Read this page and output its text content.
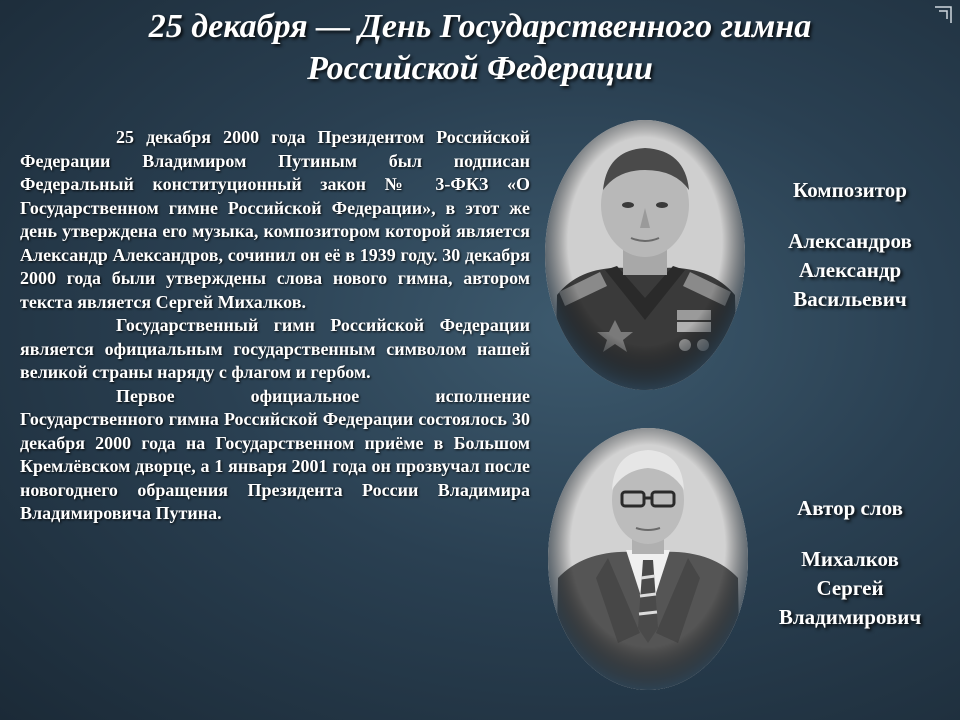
25 декабря — День Государственного гимна
Российской Федерации

25 декабря 2000 года Президентом Российской Федерации Владимиром Путиным был подписан Федеральный конституционный закон № 3-ФКЗ «О Государственном гимне Российской Федерации», в этот же день утверждена его музыка, композитором которой является Александр Александров, сочинил он её в 1939 году. 30 декабря 2000 года были утверждены слова нового гимна, автором текста является Сергей Михалков.

Государственный гимн Российской Федерации является официальным государственным символом нашей великой страны наряду с флагом и гербом.

Первое официальное исполнение Государственного гимна Российской Федерации состоялось 30 декабря 2000 года на Государственном приёме в Большом Кремлёвском дворце, а 1 января 2001 года он прозвучал после новогоднего обращения Президента России Владимира Владимировича Путина.

Композитор
Александров
Александр
Васильевич
Автор слов
Михалков
Сергей
Владимирович
